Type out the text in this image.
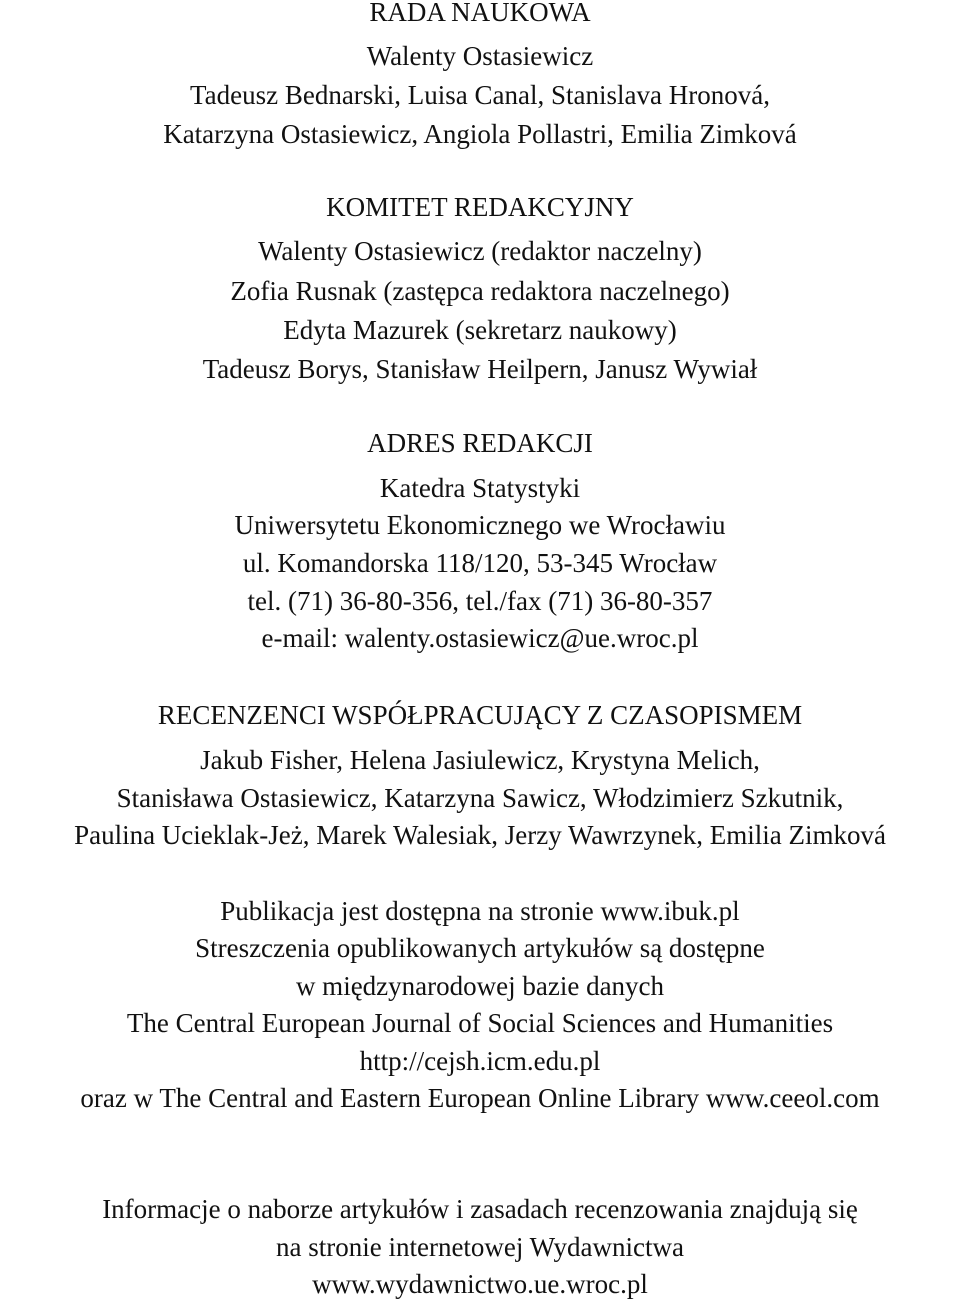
RADA NAUKOWA
Walenty Ostasiewicz
Tadeusz Bednarski, Luisa Canal, Stanislava Hronová,
Katarzyna Ostasiewicz, Angiola Pollastri, Emilia Zimková
KOMITET REDAKCYJNY
Walenty Ostasiewicz (redaktor naczelny)
Zofia Rusnak (zastępca redaktora naczelnego)
Edyta Mazurek (sekretarz naukowy)
Tadeusz Borys, Stanisław Heilpern, Janusz Wywiał
ADRES REDAKCJI
Katedra Statystyki
Uniwersytetu Ekonomicznego we Wrocławiu
ul. Komandorska 118/120, 53-345 Wrocław
tel. (71) 36-80-356, tel./fax (71) 36-80-357
e-mail: walenty.ostasiewicz@ue.wroc.pl
RECENZENCI WSPÓŁPRACUJĄCY Z CZASOPISMEM
Jakub Fisher, Helena Jasiulewicz, Krystyna Melich,
Stanisława Ostasiewicz, Katarzyna Sawicz, Włodzimierz Szkutnik,
Paulina Ucieklak-Jeż, Marek Walesiak, Jerzy Wawrzynek, Emilia Zimková
Publikacja jest dostępna na stronie www.ibuk.pl
Streszczenia opublikowanych artykułów są dostępne
w międzynarodowej bazie danych
The Central European Journal of Social Sciences and Humanities
http://cejsh.icm.edu.pl
oraz w The Central and Eastern European Online Library www.ceeol.com
Informacje o naborze artykułów i zasadach recenzowania znajdują się
na stronie internetowej Wydawnictwa
www.wydawnictwo.ue.wroc.pl
